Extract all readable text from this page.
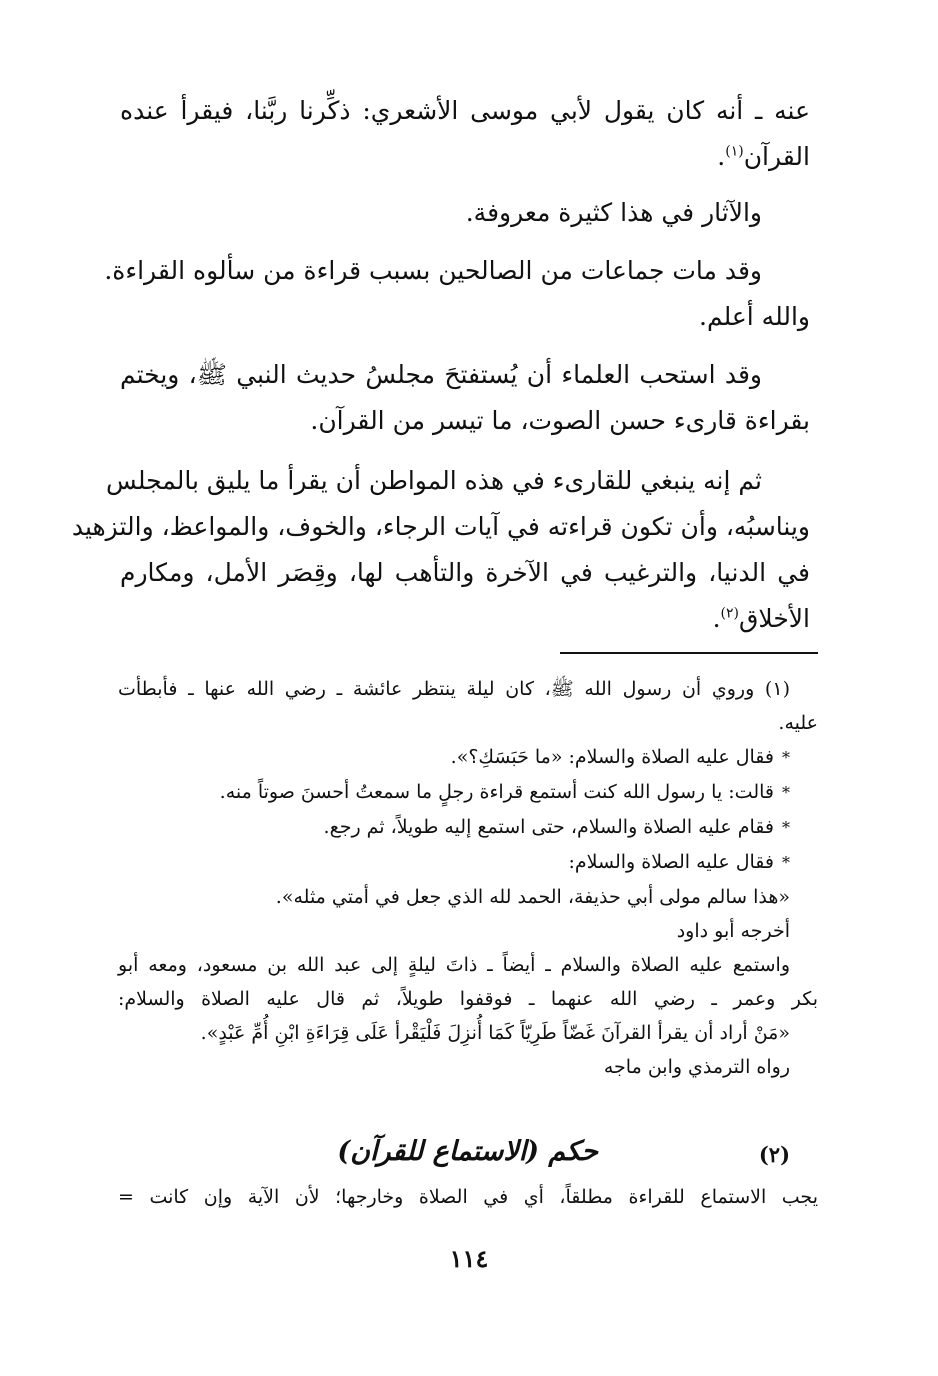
عنه ـ أنه كان يقول لأبي موسى الأشعري: ذكِّرنا ربَّنا، فيقرأ عنده
القرآن$^{(١)}$.
والآثار في هذا كثيرة معروفة.
وقد مات جماعات من الصالحين بسبب قراءة من سألوه القراءة.
والله أعلم.
وقد استحب العلماء أن يُستفتحَ مجلسُ حديث النبي ﷺ، ويختم
بقراءة قارىء حسن الصوت، ما تيسر من القرآن.
ثم إنه ينبغي للقارىء في هذه المواطن أن يقرأ ما يليق بالمجلس
ويناسبُه، وأن تكون قراءته في آيات الرجاء، والخوف، والمواعظ، والتزهيد
في الدنيا، والترغيب في الآخرة والتأهب لها، وقِصَر الأمل، ومكارم
الأخلاق$^{(٢)}$.
(١) وروي أن رسول الله ﷺ، كان ليلة ينتظر عائشة ـ رضي الله عنها ـ فأبطأت
عليه.
*فقال عليه الصلاة والسلام: «ما حَبَسَكِ؟».
*قالت: يا رسول الله كنت أستمع قراءة رجلٍ ما سمعتُ أحسنَ صوتاً منه.
*فقام عليه الصلاة والسلام، حتى استمع إليه طويلاً، ثم رجع.
*فقال عليه الصلاة والسلام:
«هذا سالم مولى أبي حذيفة، الحمد لله الذي جعل في أمتي مثله».
أخرجه أبو داود
واستمع عليه الصلاة والسلام ـ أيضاً ـ ذاتَ ليلةٍ إلى عبد الله بن مسعود، ومعه أبو
بكر وعمر ـ رضي الله عنهما ـ فوقفوا طويلاً، ثم قال عليه الصلاة والسلام:
«مَنْ أراد أن يقرأ القرآنَ غَضّاً طَرِيّاً كَمَا أُنزِلَ فَلْيَقْرأ عَلَى قِرَاءَةِ ابْنِ أُمِّ عَبْدٍ».
رواه الترمذي وابن ماجه
(٢)
حكم (الاستماع للقرآن)
يجب الاستماع للقراءة مطلقاً، أي في الصلاة وخارجها؛ لأن الآية وإن كانت =
١١٤
